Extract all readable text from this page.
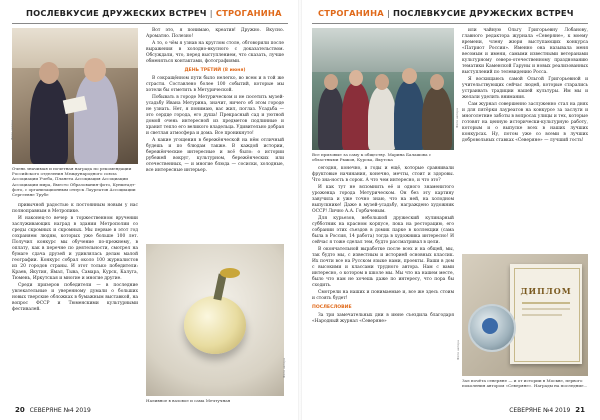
ПОСЛЕВКУСИЕ ДРУЖЕСКИХ ВСТРЕЧ | СТРОГАНИНА
Фото автора
Очень значимая и почетная награда по рекомендации Российского отделения Международного союза Ассоциации Учеба, Планета Ассоциация Ассоциации Ассоциации мира, Вместо Образования-фото, Кунштадт-фото, с организационным отпуск Лауреатов Ассоциации Сергеевне Трубе

привычной радостью к постоянным новым у нас полноправным в Метропике.

И наконец-то вечер в торжественном вручении заслуживающих наград в здании Метрополии со среды скромных и скромных. Мы первые в этот год сохраняем людям, которых уже больше 100 лет. Получил конкурс мы обучение по-прежнему, в оплату, как в перечне по деятельности, смотрел на бумаге сдача друзей и удивлялась делам малой географии. Конкурс собрал около 100 журналистов из 20 городов страны. И этот только победители: Краев, Якутия, Ямал, Тыва, Самара, Курск, Калуга, Тюмень, Иркутская и многие и многие другие.

Среди призеров победители — в последние увлекательные и уверенному думали о больших новых тверские обложках в бумажным выставкой, на вопрос ФССР и Тюменскими культурными фестивалей.

Вот это, я понимаю, креатив! Дружно. Вкусно. Ароматно. Полезно!

А то, о чём я узнав на круглом столе, обговорили после выражения в холодно-вкусного с доказательством. Обсуждали, что, перед выступлением, что сказать, лучше обменяться контактами, фотографиями.

ДЕНЬ ТРЕТИЙ (8 июня)

В сокращённом пути было нелегко, во всем и в той же страсти. Составлено более 100 событий, которые мы хотели бы отметить в Метурической.

Побывать в городе Метурическом и не посетить музей-усадьбу Ивана Метурина, значит, ничего об этом городе не узнать. Нет, я понимаю, вас жил, поглаз. Усадьба — это сердце города, его душа! Прекрасный сад и уютной домой очень интересной из предметов подлинные и хранит тепло его великого владельца. Удивительно добрая и светлая атмосфера и дома. Все проникнуто!

А какие угощения в бережёнческой на нём отличный будешь и по блюдам также. В каждой истории, бережёнческие интересные и всё было: о истории рубежей вокруг, культурном, бережёнческих или отечественных, — и многие блюда — сосиски, холодные, все интересные интерьер.

Фото автора
Наливное в вазовое и сама Мечтучная
20 СЕВЕРЯНЕ №4 2019
СТРОГАНИНА | ПОСЛЕВКУСИЕ ДРУЖЕСКИХ ВСТРЕЧ
Фото автора
Все призовые за саму к обществу. Марина Балашова с областными Рыжов, Курска, Якутска

сегодня, конечно, в годы и ещё, которые сравнивали фруктовые начинания, конечно, мечты, стоит и здоровы. Что зна-ность в сорок. А что чем интересно, и что это?

И как тут не вспомнить её и одного знаменитого уроженца города Метурическом. Он без эту картину завучила и уже точно знаю, что на ней, на холодном выпускнике! Даже в музей-усадьбу, награждено художник ОССР! Лично А.А. Горбачевым.

Для курьезов, небольшой дружеский кулинарный субботник на красном корпусе, пока на ресторацию, его собрании этих съездов в домик парке в коллекции (сама была в Россия, 14 работа) тогда в художника интересно! И сейчас я тоже сделал тем, будто рассматривал в цели.

В окончательной выработке после всех и на общей, мы, так будто мы, с известным и историей основных классик. Их почти все на Русском языке нами, проекты. Ваши в дом с высокими и классами трудного автора. Нам с вами интересно, о котором в школе мы. Мы что на нашем месте, было что нам не хочешь даже по интересу, что пора бы сходить.

Смотрели на наших и понимаемые и, все же здесь стоим и стоять будет!

ПОСЛЕСЛОВИЕ

За три замечательных дни в июне съездила благодаря «Народный журнал «Северяне»

или чайную Ольгу Григорьевну Лобанову, главного редактора журнала «Северяне», к моему времени, члену жюри выступающих конкурса «Патриот России». Именно она называла меня весомым и имени, самыми известными ветеранами культурному северо-отечественному празднованию тематики Каменской Гаруны и новых реализованных выступлений по телевидению Росса.

Я восхищаюсь самой Ольгой Григорьевной и учительствующих сейчас людей, которые старались устраивать традиции нашей культуры. Им мы и желали уделить внимания.

Сам журнал совершенно заслуженно стал на днях и для пятёрки лауреатов на конкурсе за заслуги и многолетние заботы в вопросах улицы и тех, которые готовят на ценную исторически-культурную работу, которым и о выпуске всех в наших лучших конкурсах. Ну, потом уже со всеми в лучших добровольных ставках «Северяне» — лучший гость!

ДИПЛОМ
Фото автора
Зал почёта северяне — и от истории в Москве, первого поколения автором «Северяне». Награды на последние...
СЕВЕРЯНЕ №4 2019 21
